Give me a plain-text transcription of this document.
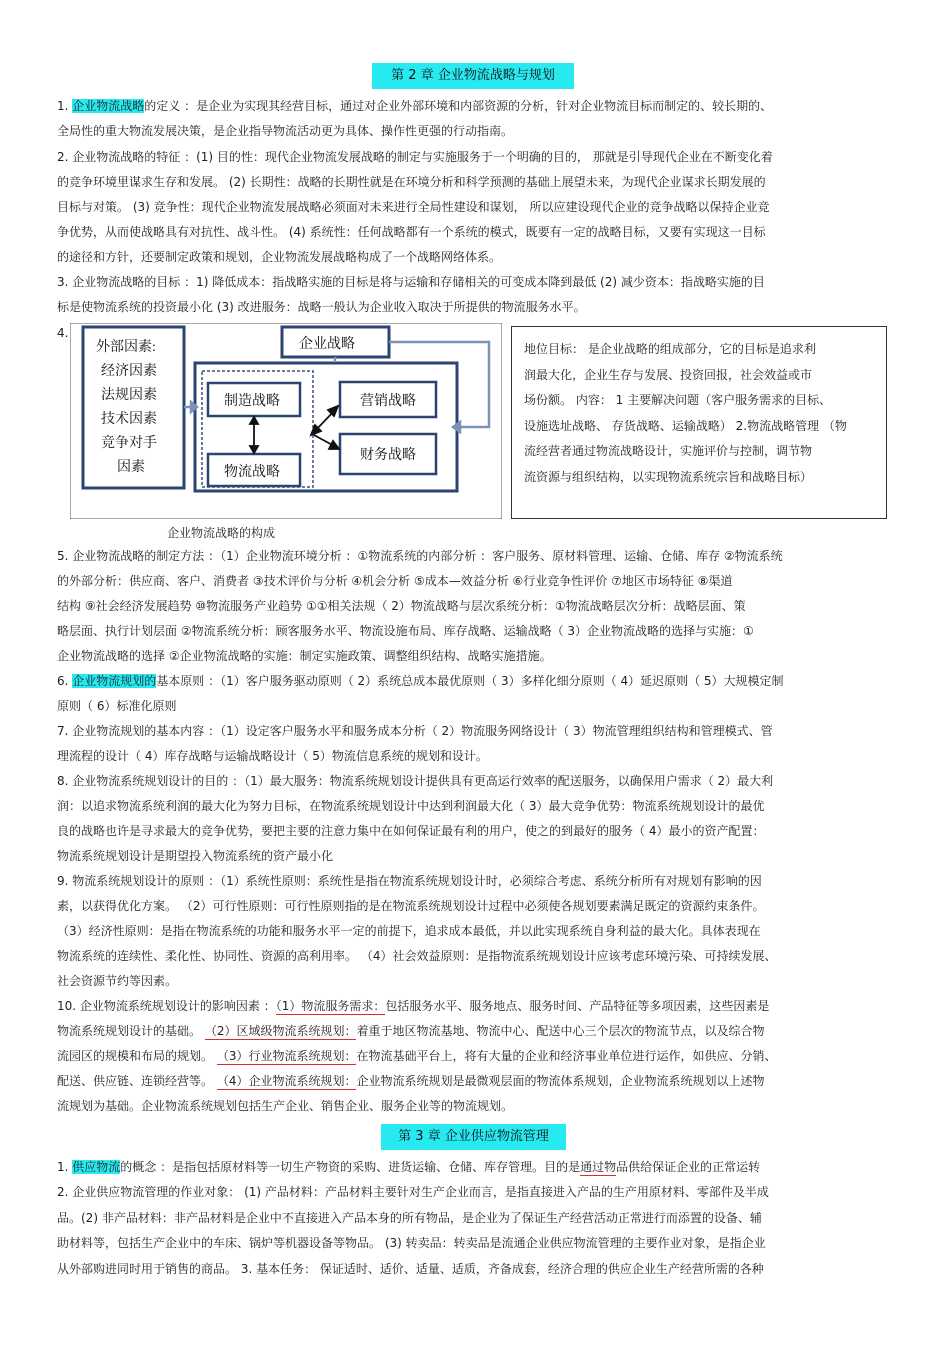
第 2 章 企业物流战略与规划
1. 企业物流战略的定义 ：是企业为实现其经营目标，通过对企业外部环境和内部资源的分析，针对企业物流目标而制定的、较长期的、
全局性的重大物流发展决策，是企业指导物流活动更为具体、操作性更强的行动指南。
2. 企业物流战略的特征 ：(1) 目的性：现代企业物流发展战略的制定与实施服务于一个明确的目的， 那就是引导现代企业在不断变化着
的竞争环境里谋求生存和发展。 (2) 长期性：战略的长期性就是在环境分析和科学预测的基础上展望未来，为现代企业谋求长期发展的
目标与对策。 (3) 竞争性：现代企业物流发展战略必须面对未来进行全局性建设和谋划， 所以应建设现代企业的竞争战略以保持企业竞
争优势，从而使战略具有对抗性、战斗性。 (4) 系统性：任何战略都有一个系统的模式，既要有一定的战略目标，又要有实现这一目标
的途径和方针，还要制定政策和规划，企业物流发展战略构成了一个战略网络体系。
3. 企业物流战略的目标 ：1) 降低成本：指战略实施的目标是将与运输和存储相关的可变成本降到最低 (2) 减少资本：指战略实施的目
标是使物流系统的投资最小化 (3) 改进服务：战略一般认为企业收入取决于所提供的物流服务水平。
4.
外部因素:
经济因素
法规因素
技术因素
竞争对手
因素
企业战略
制造战略
物流战略
营销战略
财务战略
企业物流战略的构成
地位目标： 是企业战略的组成部分，它的目标是追求利
润最大化，企业生存与发展、投资回报，社会效益或市
场份额。 内容： 1 主要解决问题（客户服务需求的目标、
设施选址战略、 存货战略、运输战略） 2.物流战略管理 （物
流经营者通过物流战略设计，实施评价与控制，调节物
流资源与组织结构，以实现物流系统宗旨和战略目标）
5. 企业物流战略的制定方法 ：（1）企业物流环境分析 ：①物流系统的内部分析 ：客户服务、原材料管理、运输、仓储、库存 ②物流系统
的外部分析：供应商、客户、消费者 ③技术评价与分析 ④机会分析 ⑤成本—效益分析 ⑥行业竞争性评价 ⑦地区市场特征 ⑧渠道
结构 ⑨社会经济发展趋势 ⑩物流服务产业趋势 ①①相关法规（ 2）物流战略与层次系统分析：①物流战略层次分析：战略层面、策
略层面、执行计划层面 ②物流系统分析：顾客服务水平、物流设施布局、库存战略、运输战略（ 3）企业物流战略的选择与实施：①
企业物流战略的选择 ②企业物流战略的实施：制定实施政策、调整组织结构、战略实施措施。
6. 企业物流规划的基本原则 ：（1）客户服务驱动原则（ 2）系统总成本最优原则（ 3）多样化细分原则（ 4）延迟原则（ 5）大规模定制
原则（ 6）标准化原则
7. 企业物流规划的基本内容 ：（1）设定客户服务水平和服务成本分析（ 2）物流服务网络设计（ 3）物流管理组织结构和管理模式、管
理流程的设计（ 4）库存战略与运输战略设计（ 5）物流信息系统的规划和设计。
8. 企业物流系统规划设计的目的 ：（1）最大服务：物流系统规划设计提供具有更高运行效率的配送服务，以确保用户需求（ 2）最大利
润：以追求物流系统利润的最大化为努力目标，在物流系统规划设计中达到利润最大化（ 3）最大竞争优势：物流系统规划设计的最优
良的战略也许是寻求最大的竞争优势，要把主要的注意力集中在如何保证最有利的用户，使之的到最好的服务（ 4）最小的资产配置：
物流系统规划设计是期望投入物流系统的资产最小化
9. 物流系统规划设计的原则 ：（1）系统性原则：系统性是指在物流系统规划设计时，必须综合考虑、系统分析所有对规划有影响的因
素，以获得优化方案。 （2）可行性原则：可行性原则指的是在物流系统规划设计过程中必须使各规划要素满足既定的资源约束条件。
（3）经济性原则：是指在物流系统的功能和服务水平一定的前提下，追求成本最低，并以此实现系统自身利益的最大化。具体表现在
物流系统的连续性、柔化性、协同性、资源的高利用率。 （4）社会效益原则：是指物流系统规划设计应该考虑环境污染、可持续发展、
社会资源节约等因素。
10. 企业物流系统规划设计的影响因素 ：（1）物流服务需求：包括服务水平、服务地点、服务时间、产品特征等多项因素，这些因素是
物流系统规划设计的基础。 （2）区域级物流系统规划：着重于地区物流基地、物流中心、配送中心三个层次的物流节点，以及综合物
流园区的规模和布局的规划。 （3）行业物流系统规划：在物流基础平台上，将有大量的企业和经济事业单位进行运作，如供应、分销、
配送、供应链、连锁经营等。 （4）企业物流系统规划：企业物流系统规划是最微观层面的物流体系规划，企业物流系统规划以上述物
流规划为基础。企业物流系统规划包括生产企业、销售企业、服务企业等的物流规划。
第 3 章 企业供应物流管理
1. 供应物流的概念 ：是指包括原材料等一切生产物资的采购、进货运输、仓储、库存管理。目的是通过物品供给保证企业的正常运转
2. 企业供应物流管理的作业对象： (1) 产品材料：产品材料主要针对生产企业而言，是指直接进入产品的生产用原材料、零部件及半成
品。(2) 非产品材料：非产品材料是企业中不直接进入产品本身的所有物品，是企业为了保证生产经营活动正常进行而添置的设备、辅
助材料等，包括生产企业中的车床、锅炉等机器设备等物品。 (3) 转卖品：转卖品是流通企业供应物流管理的主要作业对象，是指企业
从外部购进同时用于销售的商品。 3. 基本任务： 保证适时、适价、适量、适质，齐备成套，经济合理的供应企业生产经营所需的各种
